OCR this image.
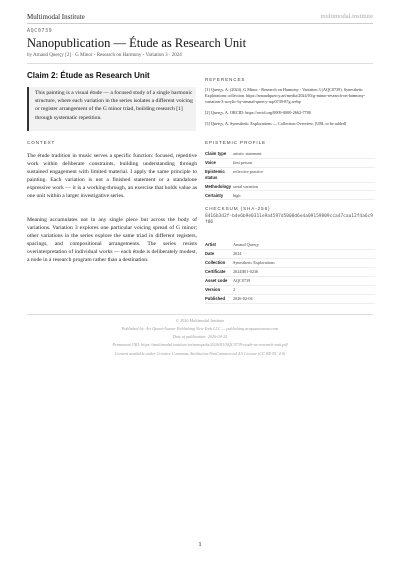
Multimodal Institute	multimodal.institute
AQC0739
Nanopublication — Étude as Research Unit
by Arnaud Querçy [2] · G Minor - Research on Harmony - Variation 3 · 2024
Claim 2: Étude as Research Unit

This painting is a visual étude — a focused study of a single harmonic structure, where each variation in the series isolates a different voicing or register arrangement of the G minor triad, building research [1] through systematic repetition.

CONTEXT

The étude tradition in music serves a specific function: focused, repetitive work within deliberate constraints, building understanding through sustained engagement with limited material. I apply the same principle to painting. Each variation is not a finished statement or a standalone expressive work — it is a working-through, an exercise that holds value as one unit within a larger investigative series.

Meaning accumulates not in any single piece but across the body of variations. Variation 3 explores one particular voicing spread of G minor; other variations in the series explore the same triad in different registers, spacings, and compositional arrangements. The series resists overinterpretation of individual works — each étude is deliberately modest, a node in a research program rather than a destination.

REFERENCES
[1] Querçy, A. (2024). G Minor - Research on Harmony - Variation 3 (AQC0739). Synesthetic Explorations collection. https://arnaudquercy.art/media/2024/03/g-minor-research-on-harmony-variation-3-acrylic-by-arnaud-quercy-aqc0739-87g.webp
[2] Querçy, A. ORCID: https://orcid.org/0009-0000-2662-7780
[3] Querçy, A. Synesthetic Explorations — Collection Overview. [URL to be added]
EPISTEMIC PROFILE
Claim type	artistic statement
Voice	first person
Epistemic status	reflective practice
Methodology	serial variation
Certainty	high
CHECKSUM (SHA-256)

8416b3d2f-b4e6b9e0311e9a4597d5008d6e4a09159809cca47caa12f4a6c9f86

Artist	Arnaud Querçy
Date	2024
Collection	Synesthetic Explorations
Certificate	2024II01-0236
Asset code	AQC0739
Version	2
Published	2026-02-04
© 2026 Multimodal Institute
Published by: Art Quant-Autour Publishing New York LLC — publishing.artquantautour.com
Date of publication: 2026-04-22
Permanent URI: https://multimodal.institute/en/nanopubs/2026/03/AQC0739-etude-as-research-unit.pdf
Content available under Creative Commons Attribution-NonCommercial 4.0 License (CC BY-NC 4.0)
1
